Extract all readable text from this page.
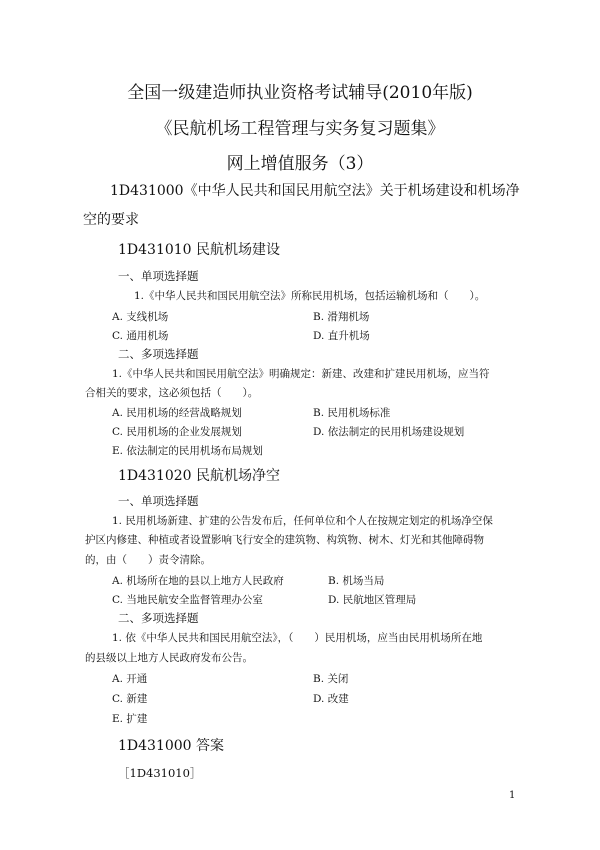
全国一级建造师执业资格考试辅导(2010年版)
《民航机场工程管理与实务复习题集》
网上增值服务（3）
1D431000《中华人民共和国民用航空法》关于机场建设和机场净
空的要求
1D431010 民航机场建设
一、单项选择题
1.《中华人民共和国民用航空法》所称民用机场，包括运输机场和（　　）。
A. 支线机场	B. 滑翔机场
C. 通用机场	D. 直升机场
二、多项选择题
1.《中华人民共和国民用航空法》明确规定：新建、改建和扩建民用机场，应当符
合相关的要求，这必须包括（　　）。
A. 民用机场的经营战略规划	B. 民用机场标准
C. 民用机场的企业发展规划	D. 依法制定的民用机场建设规划
E. 依法制定的民用机场布局规划
1D431020 民航机场净空
一、单项选择题
1. 民用机场新建、扩建的公告发布后，任何单位和个人在按规定划定的机场净空保
护区内修建、种植或者设置影响飞行安全的建筑物、构筑物、树木、灯光和其他障碍物
的，由（　　）责令清除。
A. 机场所在地的县以上地方人民政府	B. 机场当局
C. 当地民航安全监督管理办公室	D. 民航地区管理局
二、多项选择题
1. 依《中华人民共和国民用航空法》，（　　）民用机场，应当由民用机场所在地
的县级以上地方人民政府发布公告。
A. 开通	B. 关闭
C. 新建	D. 改建
E. 扩建
1D431000 答案
［1D431010］
1
